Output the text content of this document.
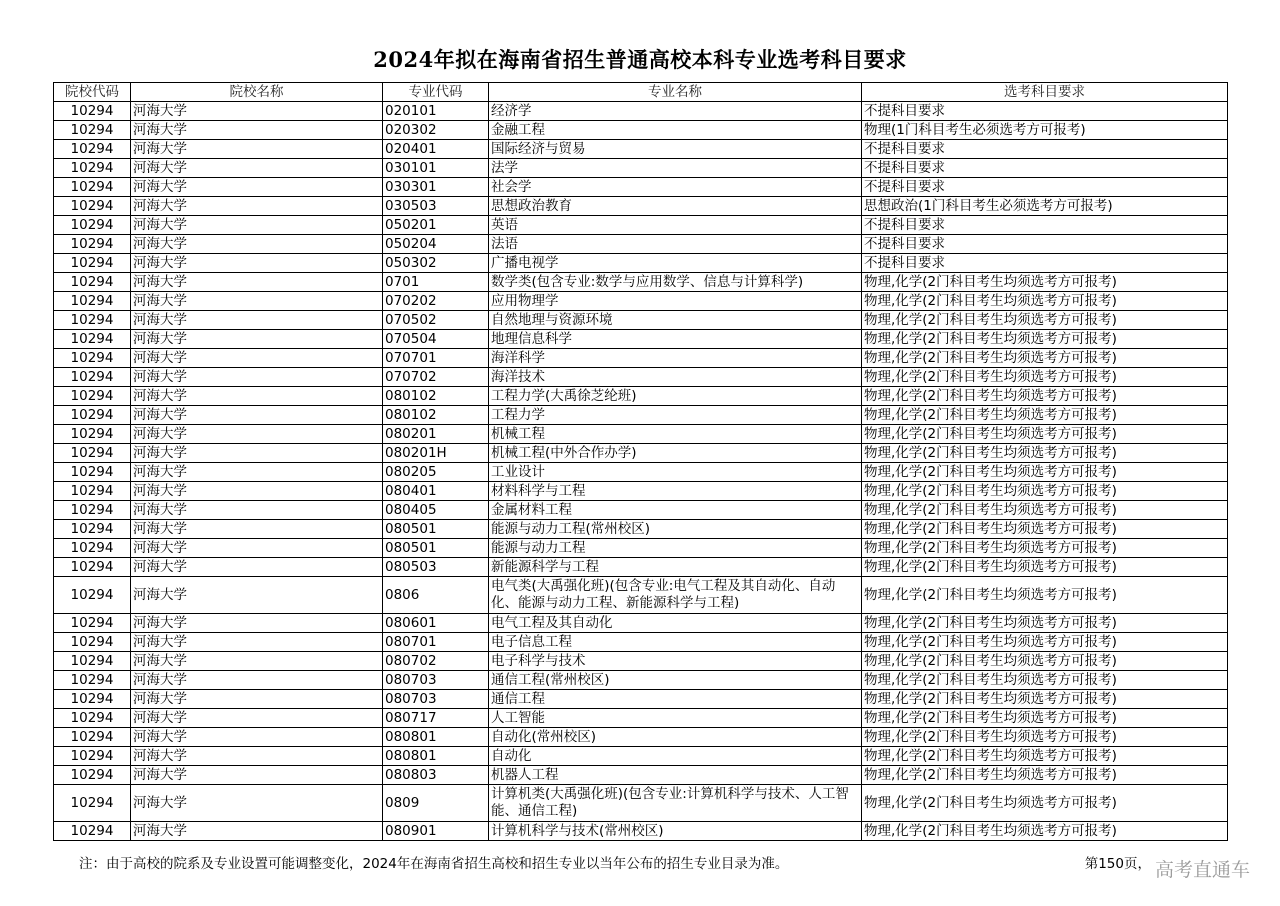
2024年拟在海南省招生普通高校本科专业选考科目要求
院校代码	院校名称	专业代码	专业名称	选考科目要求
10294	河海大学	020101	经济学	不提科目要求
10294	河海大学	020302	金融工程	物理(1门科目考生必须选考方可报考)
10294	河海大学	020401	国际经济与贸易	不提科目要求
10294	河海大学	030101	法学	不提科目要求
10294	河海大学	030301	社会学	不提科目要求
10294	河海大学	030503	思想政治教育	思想政治(1门科目考生必须选考方可报考)
10294	河海大学	050201	英语	不提科目要求
10294	河海大学	050204	法语	不提科目要求
10294	河海大学	050302	广播电视学	不提科目要求
10294	河海大学	0701	数学类(包含专业:数学与应用数学、信息与计算科学)	物理,化学(2门科目考生均须选考方可报考)
10294	河海大学	070202	应用物理学	物理,化学(2门科目考生均须选考方可报考)
10294	河海大学	070502	自然地理与资源环境	物理,化学(2门科目考生均须选考方可报考)
10294	河海大学	070504	地理信息科学	物理,化学(2门科目考生均须选考方可报考)
10294	河海大学	070701	海洋科学	物理,化学(2门科目考生均须选考方可报考)
10294	河海大学	070702	海洋技术	物理,化学(2门科目考生均须选考方可报考)
10294	河海大学	080102	工程力学(大禹徐芝纶班)	物理,化学(2门科目考生均须选考方可报考)
10294	河海大学	080102	工程力学	物理,化学(2门科目考生均须选考方可报考)
10294	河海大学	080201	机械工程	物理,化学(2门科目考生均须选考方可报考)
10294	河海大学	080201H	机械工程(中外合作办学)	物理,化学(2门科目考生均须选考方可报考)
10294	河海大学	080205	工业设计	物理,化学(2门科目考生均须选考方可报考)
10294	河海大学	080401	材料科学与工程	物理,化学(2门科目考生均须选考方可报考)
10294	河海大学	080405	金属材料工程	物理,化学(2门科目考生均须选考方可报考)
10294	河海大学	080501	能源与动力工程(常州校区)	物理,化学(2门科目考生均须选考方可报考)
10294	河海大学	080501	能源与动力工程	物理,化学(2门科目考生均须选考方可报考)
10294	河海大学	080503	新能源科学与工程	物理,化学(2门科目考生均须选考方可报考)
10294	河海大学	0806	电气类(大禹强化班)(包含专业:电气工程及其自动化、自动化、能源与动力工程、新能源科学与工程)	物理,化学(2门科目考生均须选考方可报考)
10294	河海大学	080601	电气工程及其自动化	物理,化学(2门科目考生均须选考方可报考)
10294	河海大学	080701	电子信息工程	物理,化学(2门科目考生均须选考方可报考)
10294	河海大学	080702	电子科学与技术	物理,化学(2门科目考生均须选考方可报考)
10294	河海大学	080703	通信工程(常州校区)	物理,化学(2门科目考生均须选考方可报考)
10294	河海大学	080703	通信工程	物理,化学(2门科目考生均须选考方可报考)
10294	河海大学	080717	人工智能	物理,化学(2门科目考生均须选考方可报考)
10294	河海大学	080801	自动化(常州校区)	物理,化学(2门科目考生均须选考方可报考)
10294	河海大学	080801	自动化	物理,化学(2门科目考生均须选考方可报考)
10294	河海大学	080803	机器人工程	物理,化学(2门科目考生均须选考方可报考)
10294	河海大学	0809	计算机类(大禹强化班)(包含专业:计算机科学与技术、人工智能、通信工程)	物理,化学(2门科目考生均须选考方可报考)
10294	河海大学	080901	计算机科学与技术(常州校区)	物理,化学(2门科目考生均须选考方可报考)
注：由于高校的院系及专业设置可能调整变化，2024年在海南省招生高校和招生专业以当年公布的招生专业目录为准。	第150页， 高考直通车
